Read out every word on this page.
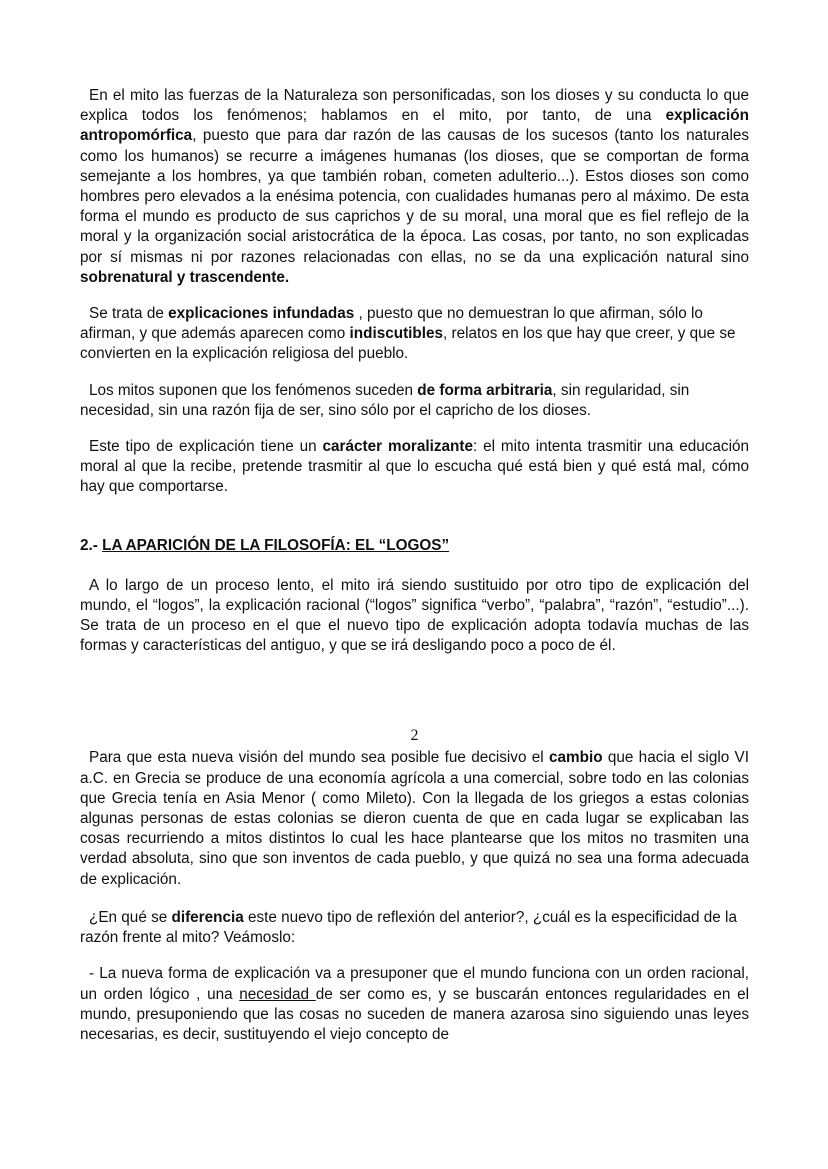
En el mito las fuerzas de la Naturaleza son personificadas, son los dioses y su conducta lo que explica todos los fenómenos; hablamos en el mito, por tanto, de una explicación antropomórfica, puesto que para dar razón de las causas de los sucesos (tanto los naturales como los humanos) se recurre a imágenes humanas (los dioses, que se comportan de forma semejante a los hombres, ya que también roban, cometen adulterio...). Estos dioses son como hombres pero elevados a la enésima potencia, con cualidades humanas pero al máximo. De esta forma el mundo es producto de sus caprichos y de su moral, una moral que es fiel reflejo de la moral y la organización social aristocrática de la época. Las cosas, por tanto, no son explicadas por sí mismas ni por razones relacionadas con ellas, no se da una explicación natural sino sobrenatural y trascendente.
Se trata de explicaciones infundadas , puesto que no demuestran lo que afirman, sólo lo afirman, y que además aparecen como indiscutibles, relatos en los que hay que creer, y que se convierten en la explicación religiosa del pueblo.
Los mitos suponen que los fenómenos suceden de forma arbitraria, sin regularidad, sin necesidad, sin una razón fija de ser, sino sólo por el capricho de los dioses.
Este tipo de explicación tiene un carácter moralizante: el mito intenta trasmitir una educación moral al que la recibe, pretende trasmitir al que lo escucha qué está bien y qué está mal, cómo hay que comportarse.
2.- LA APARICIÓN DE LA FILOSOFÍA: EL “LOGOS”
A lo largo de un proceso lento, el mito irá siendo sustituido por otro tipo de explicación del mundo, el “logos”, la explicación racional (“logos” significa “verbo”, “palabra”, “razón”, “estudio”...). Se trata de un proceso en el que el nuevo tipo de explicación adopta todavía muchas de las formas y características del antiguo, y que se irá desligando poco a poco de él.
2
Para que esta nueva visión del mundo sea posible fue decisivo el cambio que hacia el siglo VI a.C. en Grecia se produce de una economía agrícola a una comercial, sobre todo en las colonias que Grecia tenía en Asia Menor ( como Mileto). Con la llegada de los griegos a estas colonias algunas personas de estas colonias se dieron cuenta de que en cada lugar se explicaban las cosas recurriendo a mitos distintos lo cual les hace plantearse que los mitos no trasmiten una verdad absoluta, sino que son inventos de cada pueblo, y que quizá no sea una forma adecuada de explicación.
¿En qué se diferencia este nuevo tipo de reflexión del anterior?, ¿cuál es la especificidad de la razón frente al mito? Veámoslo:
- La nueva forma de explicación va a presuponer que el mundo funciona con un orden racional, un orden lógico , una necesidad de ser como es, y se buscarán entonces regularidades en el mundo, presuponiendo que las cosas no suceden de manera azarosa sino siguiendo unas leyes necesarias, es decir, sustituyendo el viejo concepto de
